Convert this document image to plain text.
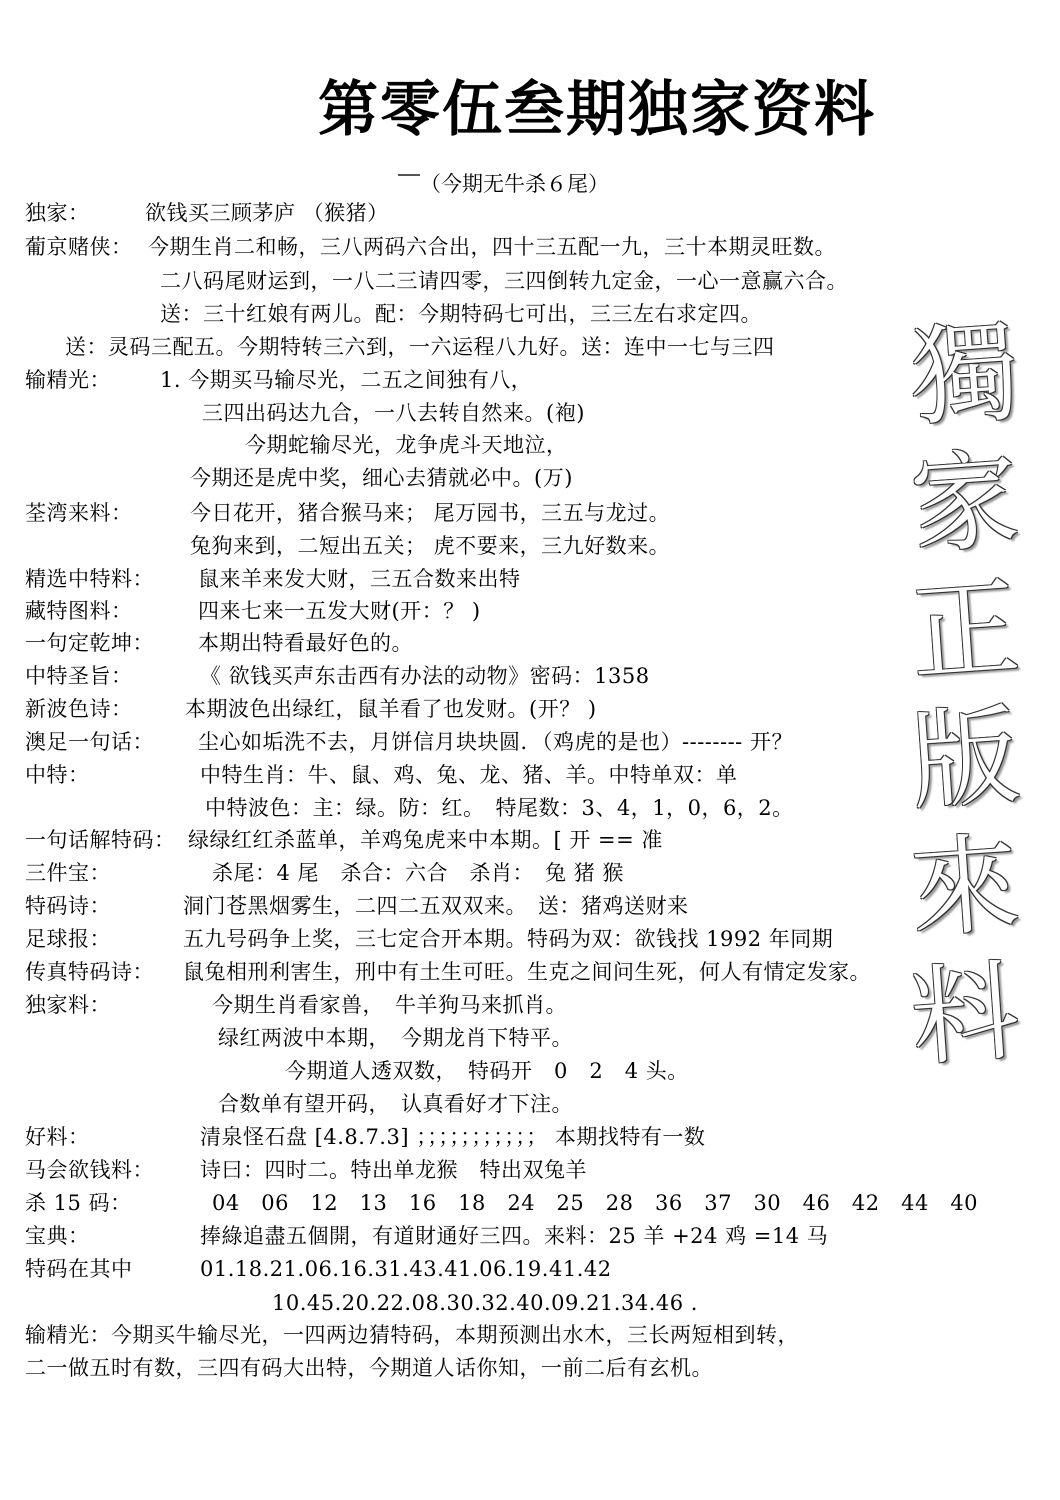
第零伍叁期独家资料
（今期无牛杀６尾）
獨
家
正
版
來
料
独家：	欲钱买三顾茅庐 （猴猪）
葡京赌侠： 今期生肖二和畅，三八两码六合出，四十三五配一九，三十本期灵旺数。
二八码尾财运到，一八二三请四零，三四倒转九定金，一心一意赢六合。
送：三十红娘有两儿。配：今期特码七可出，三三左右求定四。
送：灵码三配五。今期特转三六到，一六运程八九好。送：连中一七与三四
输精光： 1. 今期买马输尽光，二五之间独有八，
三四出码达九合，一八去转自然来。(袍)
今期蛇输尽光，龙争虎斗天地泣，
今期还是虎中奖，细心去猜就必中。(万)
荃湾来料：	今日花开，猪合猴马来； 尾万园书，三五与龙过。
兔狗来到，二短出五关； 虎不要来，三九好数来。
精选中特料： 鼠来羊来发大财，三五合数来出特
藏特图料：	四来七来一五发大财(开：？ )
一句定乾坤： 本期出特看最好色的。
中特圣旨：	《 欲钱买声东击西有办法的动物》密码：1358
新波色诗：	本期波色出绿红，鼠羊看了也发财。(开？ )
澳足一句话： 尘心如垢洗不去，月饼信月块块圆．（鸡虎的是也）-------- 开？
中特：	中特生肖：牛、鼠、鸡、兔、龙、猪、羊。中特单双：单
中特波色：主：绿。防：红。　特尾数：3、4，1，0，6，2。
一句话解特码： 绿绿红红杀蓝单，羊鸡兔虎来中本期。[ 开 == 准
三件宝：	杀尾：4 尾　杀合：六合　杀肖：　兔 猪 猴
特码诗：	洞门苍黑烟雾生，二四二五双双来。　送：猪鸡送财来
足球报：	五九号码争上奖，三七定合开本期。特码为双：欲钱找 1992 年同期
传真特码诗： 鼠兔相刑利害生，刑中有土生可旺。生克之间问生死，何人有情定发家。
独家料：	今期生肖看家兽，　牛羊狗马来抓肖。
绿红两波中本期，　今期龙肖下特平。
今期道人透双数，　特码开　0　2　4 头。
合数单有望开码，　认真看好才下注。
好料：	清泉怪石盘 [4.8.7.3] ；；；；；；；；；；； 本期找特有一数
马会欲钱料： 诗曰：四时二。特出单龙猴　特出双兔羊
杀 15 码：	04　06　12　13　16　18　24　25　28　36　37　30　46　42　44　40
宝典：	捧綠追盡五個開，有道財通好三四。来料：25 羊 +24 鸡 =14 马
特码在其中	01.18.21.06.16.31.43.41.06.19.41.42
10.45.20.22.08.30.32.40.09.21.34.46 .
输精光：今期买牛输尽光，一四两边猜特码，本期预测出水木，三长两短相到转，
二一做五时有数，三四有码大出特，今期道人话你知，一前二后有玄机。
